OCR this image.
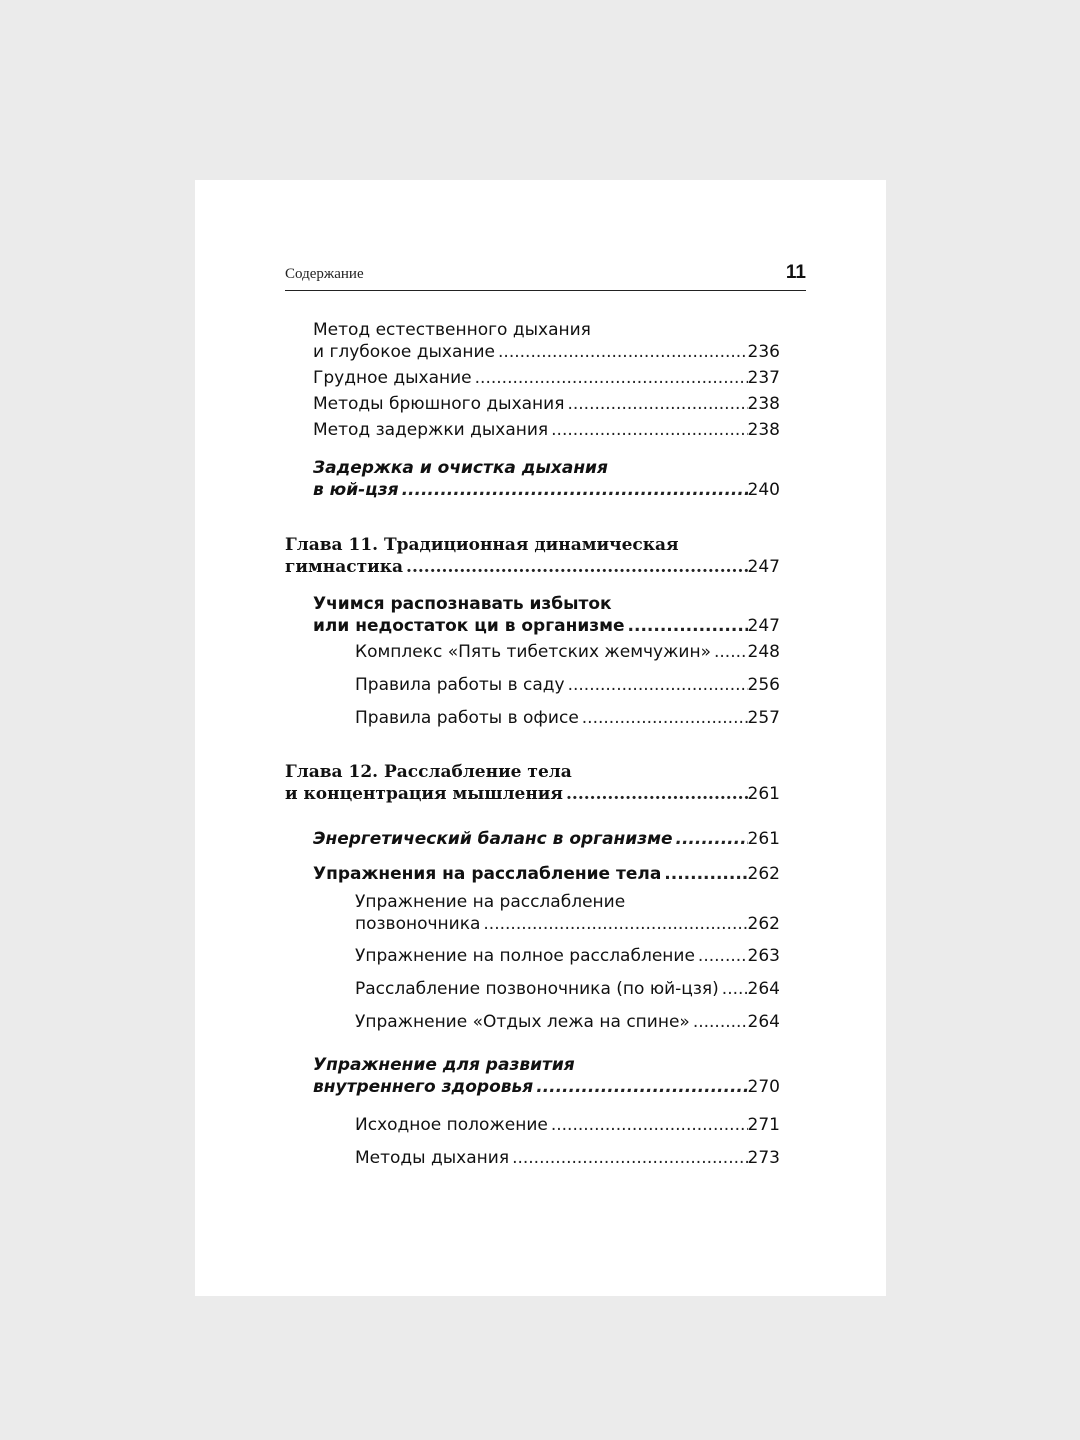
Содержание	11
Метод естественного дыхания
и глубокое дыхание .....	236
Грудное дыхание .....	237
Методы брюшного дыхания .....	238
Метод задержки дыхания .....	238
Задержка и очистка дыхания
в юй-цзя .....	240
Глава 11. Традиционная динамическая
гимнастика .....	247
Учимся распознавать избыток
или недостаток ци в организме .....	247
Комплекс «Пять тибетских жемчужин» ..... 248
Правила работы в саду .....	256
Правила работы в офисе .....	257
Глава 12. Расслабление тела
и концентрация мышления .....	261
Энергетический баланс в организме .....	261
Упражнения на расслабление тела .....	262
Упражнение на расслабление
позвоночника .....	262
Упражнение на полное расслабление .....	263
Расслабление позвоночника (по юй-цзя) ..... 264
Упражнение «Отдых лежа на спине» .....	264
Упражнение для развития
внутреннего здоровья .....	270
Исходное положение .....	271
Методы дыхания .....	273
